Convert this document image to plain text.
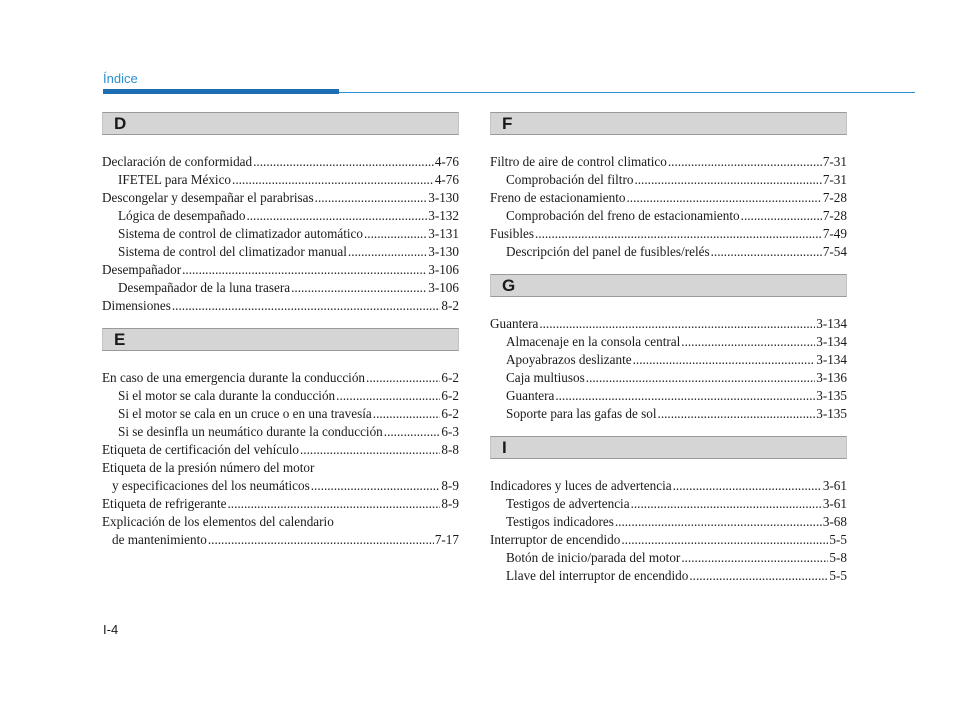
Índice
D
Declaración de conformidad .....	4-76
IFETEL para México .....	4-76
Descongelar y desempañar el parabrisas .....	3-130
Lógica de desempañado .....	3-132
Sistema de control de climatizador automático .....	3-131
Sistema de control del climatizador manual .....	3-130
Desempañador .....	3-106
Desempañador de la luna trasera .....	3-106
Dimensiones .....	8-2
E
En caso de una emergencia durante la conducción .....	6-2
Si el motor se cala durante la conducción .....	6-2
Si el motor se cala en un cruce o en una travesía .....	6-2
Si se desinfla un neumático durante la conducción .....	6-3
Etiqueta de certificación del vehículo .....	8-8
Etiqueta de la presión número del motor
y especificaciones del los neumáticos .....	8-9
Etiqueta de refrigerante .....	8-9
Explicación de los elementos del calendario
de mantenimiento .....	7-17
F
Filtro de aire de control climatico .....	7-31
Comprobación del filtro .....	7-31
Freno de estacionamiento .....	7-28
Comprobación del freno de estacionamiento .....	7-28
Fusibles .....	7-49
Descripción del panel de fusibles/relés .....	7-54
G
Guantera .....	3-134
Almacenaje en la consola central .....	3-134
Apoyabrazos deslizante .....	3-134
Caja multiusos .....	3-136
Guantera .....	3-135
Soporte para las gafas de sol .....	3-135
I
Indicadores y luces de advertencia .....	3-61
Testigos de advertencia .....	3-61
Testigos indicadores .....	3-68
Interruptor de encendido .....	5-5
Botón de inicio/parada del motor .....	5-8
Llave del interruptor de encendido .....	5-5
I-4
